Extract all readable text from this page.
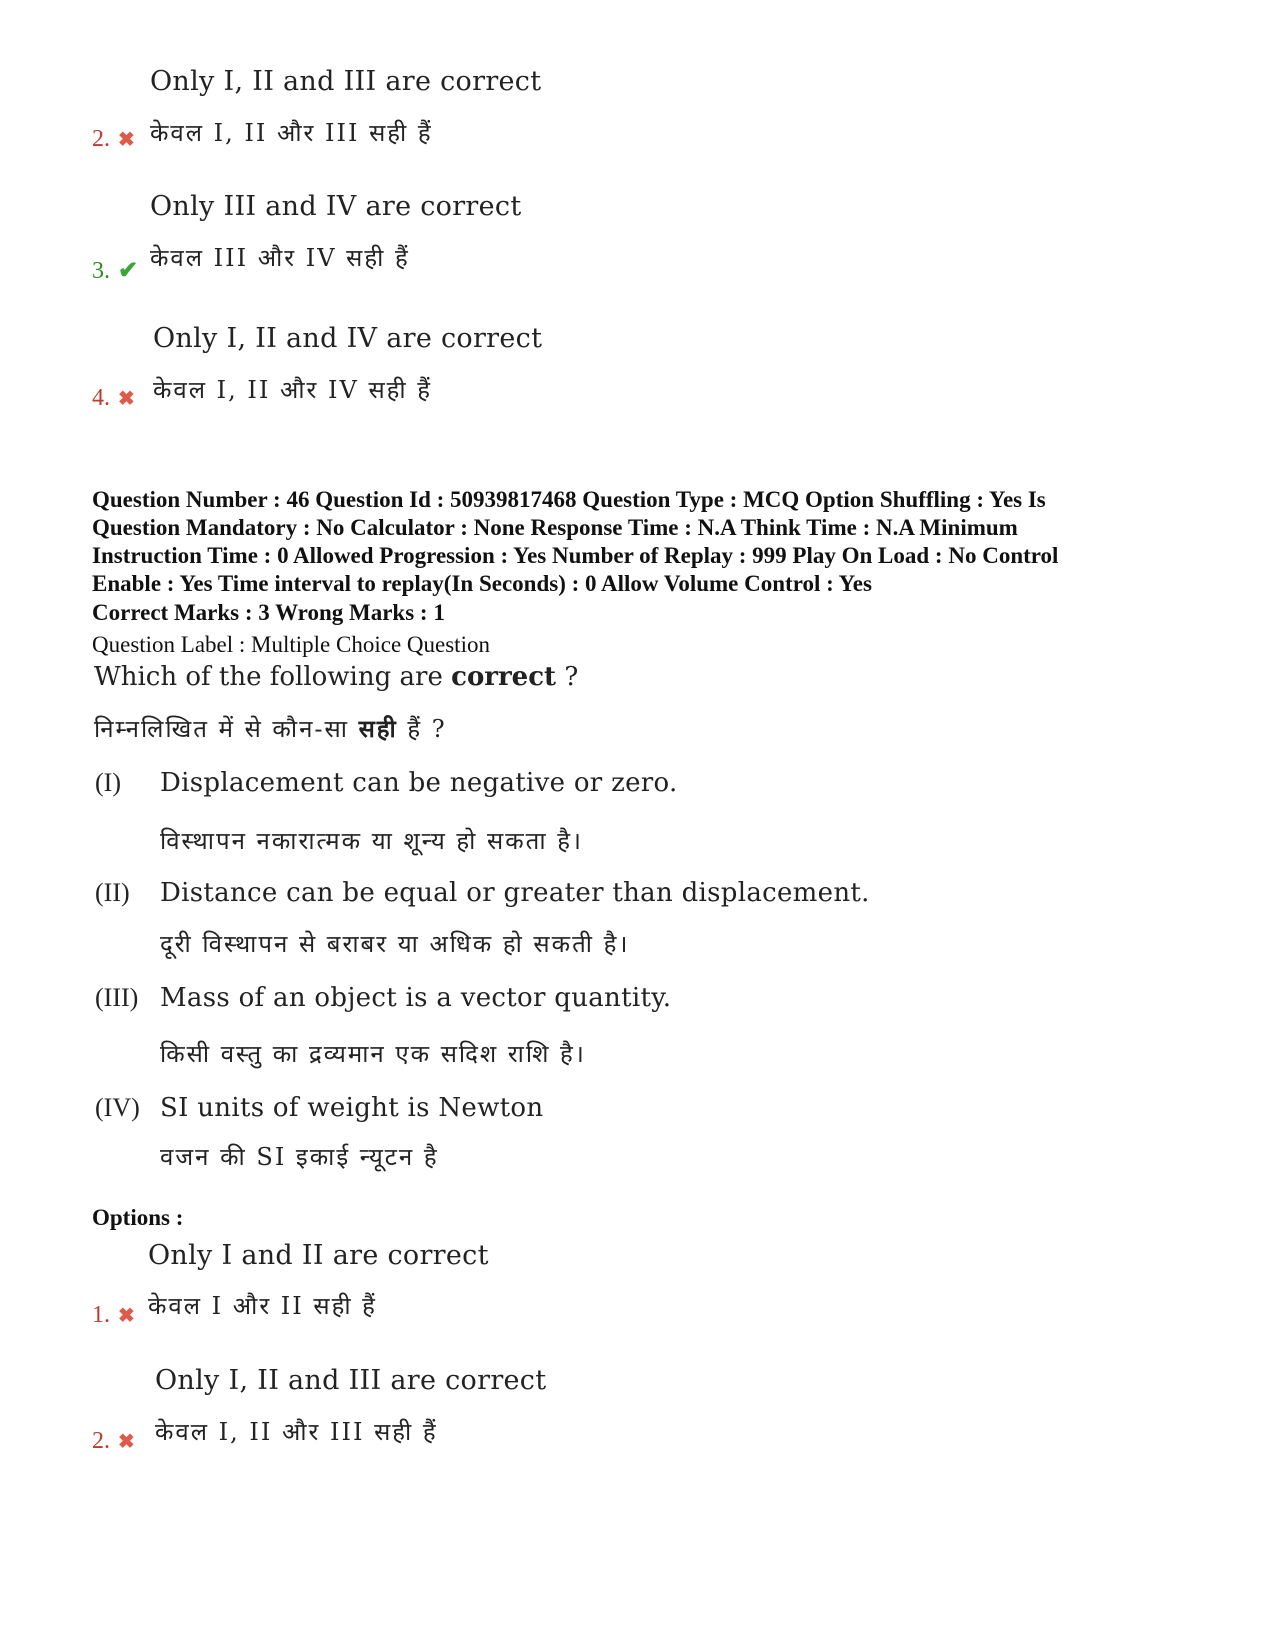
Only I, II and III are correct
2. ✖ केवल I, II और III सही हैं
Only III and IV are correct
3. ✔ केवल III और IV सही हैं
Only I, II and IV are correct
4. ✖ केवल I, II और IV सही हैं

Question Number : 46 Question Id : 50939817468 Question Type : MCQ Option Shuffling : Yes Is

Question Mandatory : No Calculator : None Response Time : N.A Think Time : N.A Minimum

Instruction Time : 0 Allowed Progression : Yes Number of Replay : 999 Play On Load : No Control

Enable : Yes Time interval to replay(In Seconds) : 0 Allow Volume Control : Yes

Correct Marks : 3 Wrong Marks : 1
Question Label : Multiple Choice Question
Which of the following are correct ?
निम्नलिखित में से कौन-सा सही हैं ?
(I) Displacement can be negative or zero.
विस्थापन नकारात्मक या शून्य हो सकता है।
(II) Distance can be equal or greater than displacement.
दूरी विस्थापन से बराबर या अधिक हो सकती है।
(III) Mass of an object is a vector quantity.
किसी वस्तु का द्रव्यमान एक सदिश राशि है।
(IV) SI units of weight is Newton
वजन की SI इकाई न्यूटन है
Options :
Only I and II are correct
1. ✖ केवल I और II सही हैं
Only I, II and III are correct
2. ✖ केवल I, II और III सही हैं
